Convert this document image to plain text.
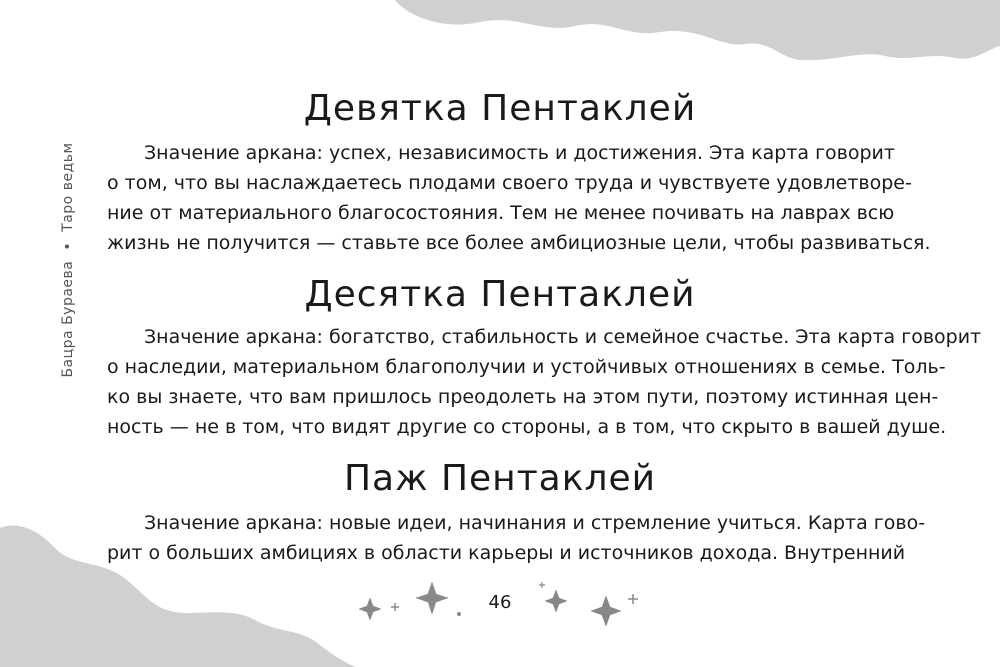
Бацра Бураева•Таро ведьм
Девятка Пентаклей
Значение аркана: успех, независимость и достижения. Эта карта говорит
о том, что вы наслаждаетесь плодами своего труда и чувствуете удовлетворе-
ние от материального благосостояния. Тем не менее почивать на лаврах всю
жизнь не получится — ставьте все более амбициозные цели, чтобы развиваться.
Десятка Пентаклей
Значение аркана: богатство, стабильность и семейное счастье. Эта карта говорит
о наследии, материальном благополучии и устойчивых отношениях в семье. Толь-
ко вы знаете, что вам пришлось преодолеть на этом пути, поэтому истинная цен-
ность — не в том, что видят другие со стороны, а в том, что скрыто в вашей душе.
Паж Пентаклей
Значение аркана: новые идеи, начинания и стремление учиться. Карта гово-
рит о больших амбициях в области карьеры и источников дохода. Внутренний
46
